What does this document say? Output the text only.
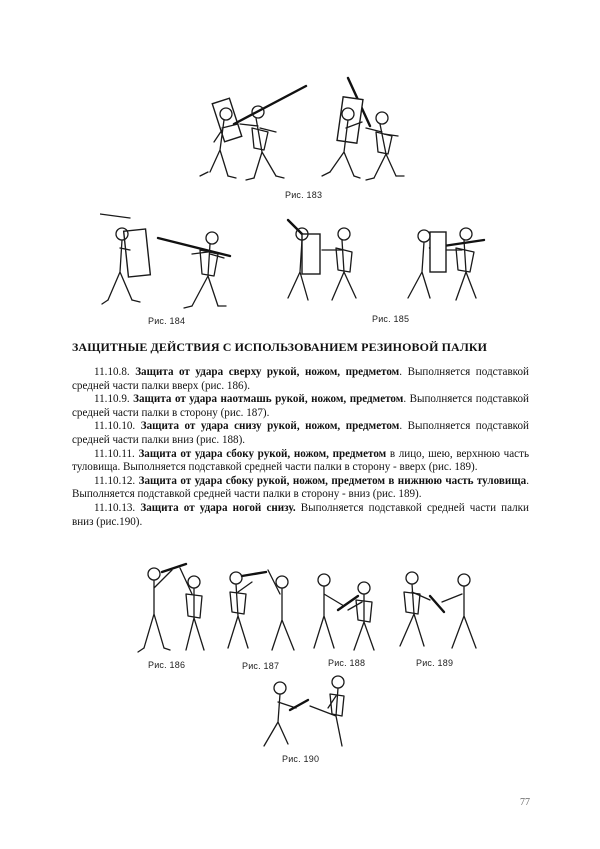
Рис. 183
Рис. 184	Рис. 185
ЗАЩИТНЫЕ ДЕЙСТВИЯ С ИСПОЛЬЗОВАНИЕМ РЕЗИНОВОЙ ПАЛКИ

11.10.8. Защита от удара сверху рукой, ножом, предметом. Выполняется подставкой средней части палки вверх (рис. 186).

11.10.9. Защита от удара наотмашь рукой, ножом, предметом. Выполняется подставкой средней части палки в сторону (рис. 187).

11.10.10. Защита от удара снизу рукой, ножом, предметом. Выполняется подставкой средней части палки вниз (рис. 188).

11.10.11. Защита от удара сбоку рукой, ножом, предметом в лицо, шею, верхнюю часть туловища. Выполняется подставкой средней части палки в сторону - вверх (рис. 189).

11.10.12. Защита от удара сбоку рукой, ножом, предметом в нижнюю часть туловища. Выполняется подставкой средней части палки в сторону - вниз (рис. 189).

11.10.13. Защита от удара ногой снизу. Выполняется подставкой средней части палки вниз (рис.190).

Рис. 186	Рис. 187	Рис. 188	Рис. 189
Рис. 190
77
